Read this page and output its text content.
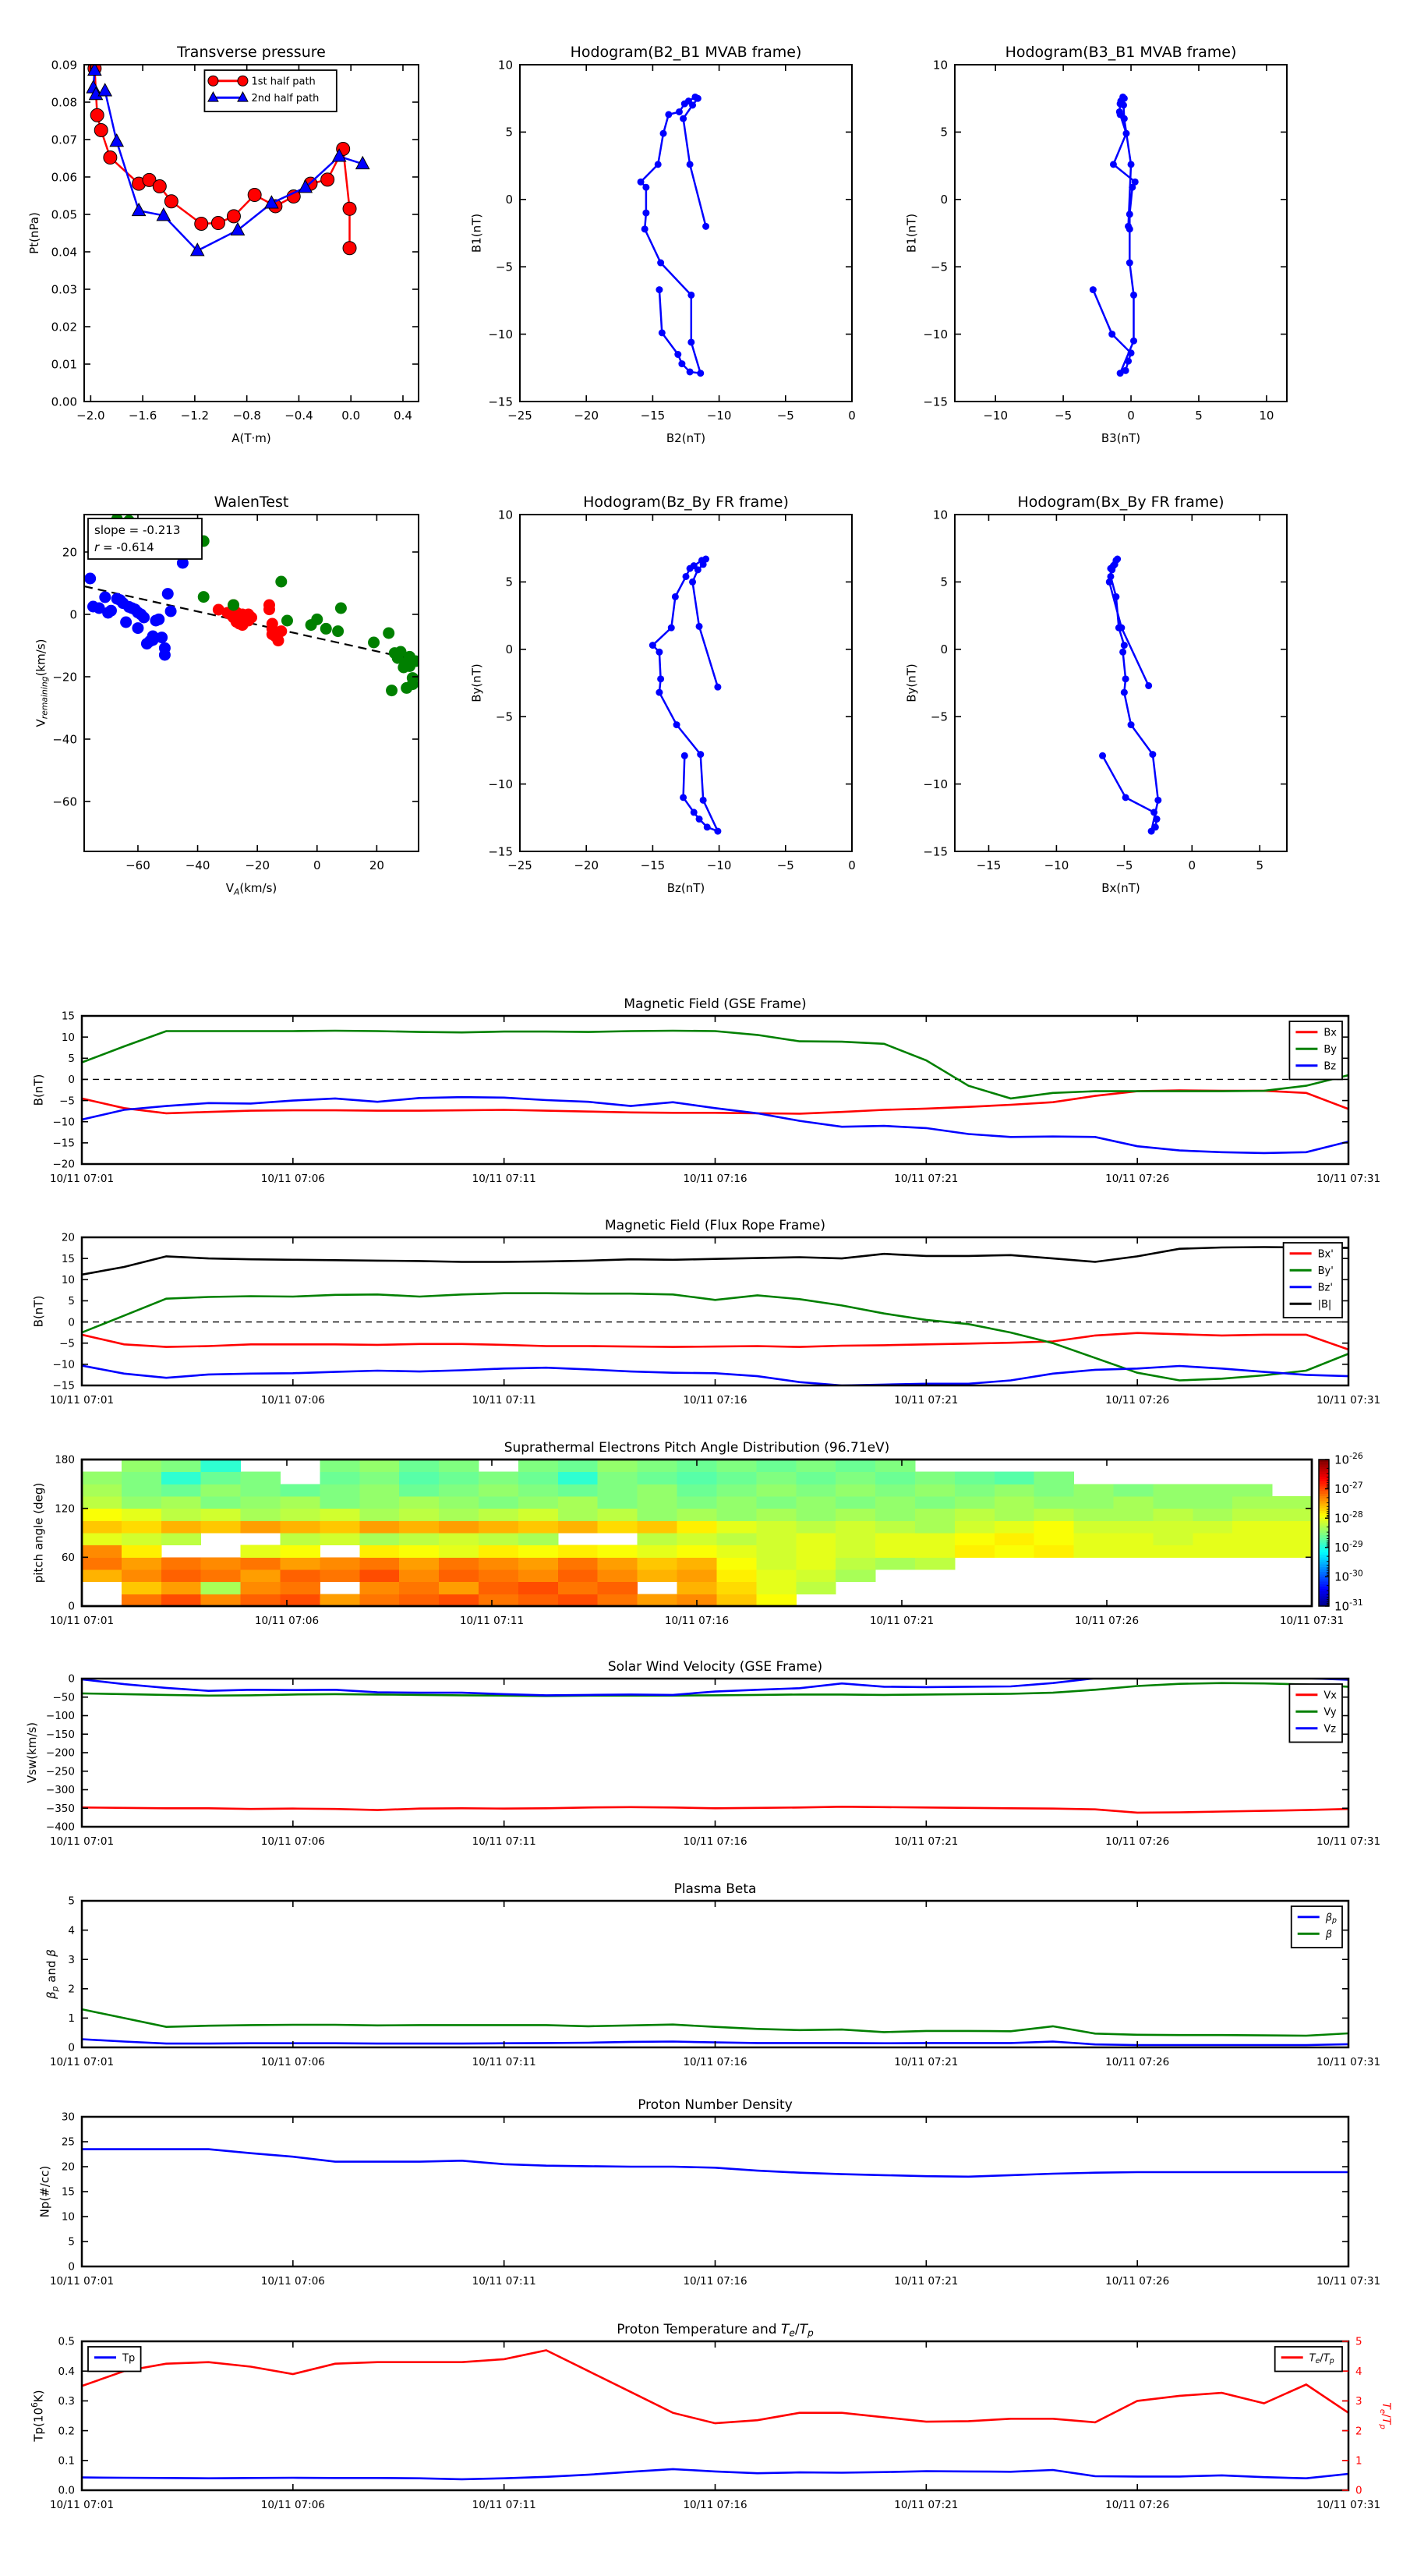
−2.0 −1.6 −1.2 −0.8 −0.4 0.0	0.4
0.00
0.01
0.02
0.03
0.04
0.05
0.06
0.07
0.08
0.09
Transverse pressure
A(T·m)
Pt(nPa)
1st half path
2nd half path
−25	−20	−15	−10	−5	0
−15
−10
−5
0
5
10
Hodogram(B2_B1 MVAB frame)
B2(nT)
B1(nT)
−10	−5	0	5	10
−15
−10
−5
0
5
10
Hodogram(B3_B1 MVAB frame)
B3(nT)
B1(nT)
−60	−40	−20	0	20
20
0
−20
−40
−60
WalenTest
$V_A(km/s)$
$V_{remaining}(km/s)$
slope = -0.213
r = -0.614
−25	−20	−15	−10	−5	0
−15
−10
−5
0
5
10
Hodogram(Bz_By FR frame)
Bz(nT)
By(nT)
−15	−10	−5	0	5
−15
−10
−5
0
5
10
Hodogram(Bx_By FR frame)
Bx(nT)
By(nT)
10/11 07:01	10/11 07:06	10/11 07:11	10/11 07:16	10/11 07:21	10/11 07:26	10/11 07:31
15
10
5
0
−5
−10
−15
−20
Magnetic Field (GSE Frame)
B(nT)
Bx
By
Bz
10/11 07:01	10/11 07:06	10/11 07:11	10/11 07:16	10/11 07:21	10/11 07:26	10/11 07:31
20
15
10
5
0
−5
−10
−15
Magnetic Field (Flux Rope Frame)
B(nT)
Bx'
By'
Bz'
|B|
10/11 07:01	10/11 07:06	10/11 07:11	10/11 07:16	10/11 07:21	10/11 07:26	10/11 07:31
0
60
120
180
Suprathermal Electrons Pitch Angle Distribution (96.71eV)
pitch angle (deg)
$10^{-26}$
$10^{-27}$
$10^{-28}$
$10^{-29}$
$10^{-30}$
$10^{-31}$
10/11 07:01	10/11 07:06	10/11 07:11	10/11 07:16	10/11 07:21	10/11 07:26	10/11 07:31
0
−50
−100
−150
−200
−250
−300
−350
−400
Solar Wind Velocity (GSE Frame)
Vsw(km/s)
Vx
Vy
Vz
10/11 07:01	10/11 07:06	10/11 07:11	10/11 07:16	10/11 07:21	10/11 07:26	10/11 07:31
0
1
2
3
4
5
Plasma Beta
$\beta_p$ and β
$\beta_p$
β
10/11 07:01	10/11 07:06	10/11 07:11	10/11 07:16	10/11 07:21	10/11 07:26	10/11 07:31
0
5
10
15
20
25
30
Proton Number Density
Np(#/cc)
10/11 07:01	10/11 07:06	10/11 07:11	10/11 07:16	10/11 07:21	10/11 07:26	10/11 07:31
0.0
0.1
0.2
0.3
0.4
0.5
Proton Temperature and $T_e/T_p$
$Tp(10^6K)$
0
1
2
3
4
5
$T_e/T_p$
$T_e/T_p$
Tp
